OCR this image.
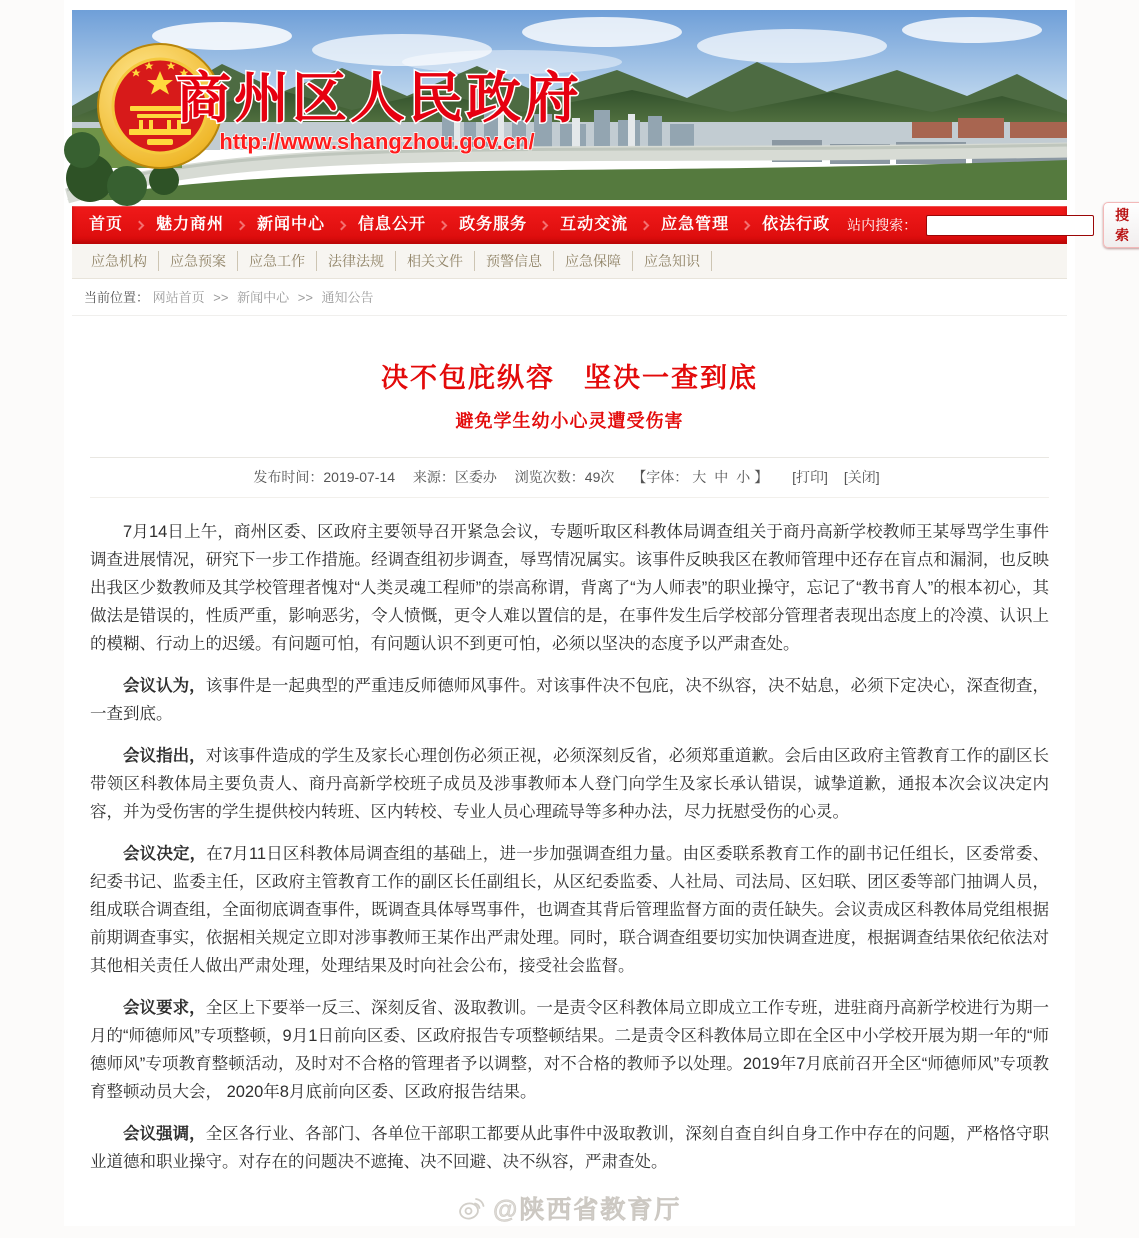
商州区人民政府
http://www.shangzhou.gov.cn/
首页	魅力商州	新闻中心	信息公开	政务服务	互动交流	应急管理	依法行政	站内搜索：
搜 索
应急机构	应急预案	应急工作	法律法规	相关文件	预警信息	应急保障	应急知识
当前位置： 网站首页 >> 新闻中心 >> 通知公告
决不包庇纵容　坚决一查到底
避免学生幼小心灵遭受伤害
发布时间：2019-07-14 来源：区委办 浏览次数：49次 【字体： 大 中 小 】 [打印] [关闭]

7月14日上午，商州区委、区政府主要领导召开紧急会议，专题听取区科教体局调查组关于商丹高新学校教师王某辱骂学生事件调查进展情况，研究下一步工作措施。经调查组初步调查，辱骂情况属实。该事件反映我区在教师管理中还存在盲点和漏洞，也反映出我区少数教师及其学校管理者愧对“人类灵魂工程师”的崇高称谓，背离了“为人师表”的职业操守，忘记了“教书育人”的根本初心，其做法是错误的，性质严重，影响恶劣，令人愤慨，更令人难以置信的是，在事件发生后学校部分管理者表现出态度上的冷漠、认识上的模糊、行动上的迟缓。有问题可怕，有问题认识不到更可怕，必须以坚决的态度予以严肃查处。

会议认为，该事件是一起典型的严重违反师德师风事件。对该事件决不包庇，决不纵容，决不姑息，必须下定决心，深查彻查，一查到底。

会议指出，对该事件造成的学生及家长心理创伤必须正视，必须深刻反省，必须郑重道歉。会后由区政府主管教育工作的副区长带领区科教体局主要负责人、商丹高新学校班子成员及涉事教师本人登门向学生及家长承认错误，诚挚道歉，通报本次会议决定内容，并为受伤害的学生提供校内转班、区内转校、专业人员心理疏导等多种办法，尽力抚慰受伤的心灵。

会议决定，在7月11日区科教体局调查组的基础上，进一步加强调查组力量。由区委联系教育工作的副书记任组长，区委常委、纪委书记、监委主任，区政府主管教育工作的副区长任副组长，从区纪委监委、人社局、司法局、区妇联、团区委等部门抽调人员，组成联合调查组，全面彻底调查事件，既调查具体辱骂事件，也调查其背后管理监督方面的责任缺失。会议责成区科教体局党组根据前期调查事实，依据相关规定立即对涉事教师王某作出严肃处理。同时，联合调查组要切实加快调查进度，根据调查结果依纪依法对其他相关责任人做出严肃处理，处理结果及时向社会公布，接受社会监督。

会议要求，全区上下要举一反三、深刻反省、汲取教训。一是责令区科教体局立即成立工作专班，进驻商丹高新学校进行为期一月的“师德师风”专项整顿，9月1日前向区委、区政府报告专项整顿结果。二是责令区科教体局立即在全区中小学校开展为期一年的“师德师风”专项教育整顿活动，及时对不合格的管理者予以调整，对不合格的教师予以处理。2019年7月底前召开全区“师德师风”专项教育整顿动员大会， 2020年8月底前向区委、区政府报告结果。

会议强调，全区各行业、各部门、各单位干部职工都要从此事件中汲取教训，深刻自查自纠自身工作中存在的问题，严格恪守职业道德和职业操守。对存在的问题决不遮掩、决不回避、决不纵容，严肃查处。

@陕西省教育厅
